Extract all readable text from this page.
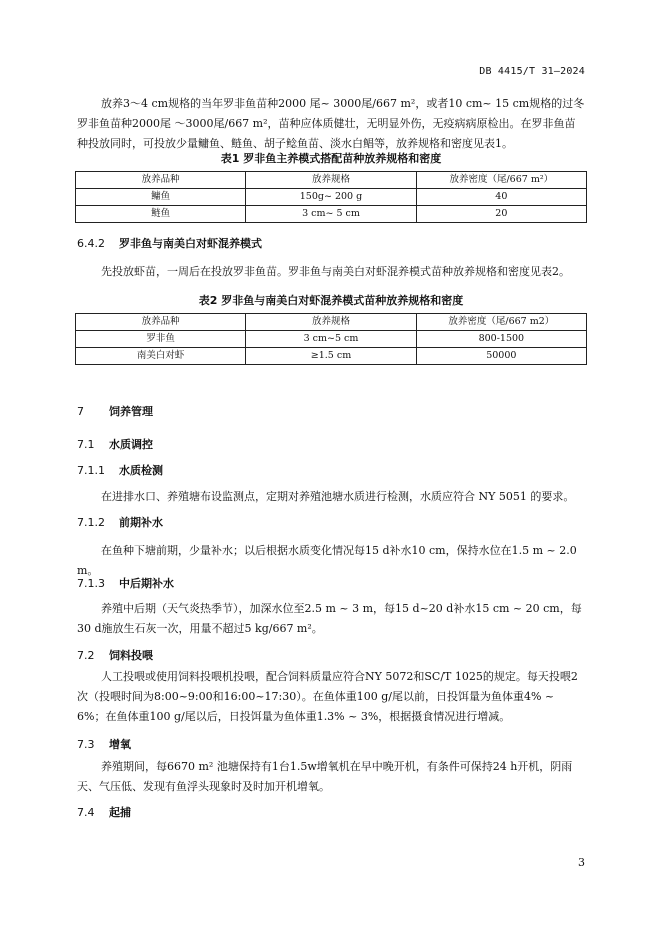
DB 4415/T 31—2024
放养3～4 cm规格的当年罗非鱼苗种2000 尾~ 3000尾/667 m²，或者10 cm~ 15 cm规格的过冬罗非鱼苗种2000尾 ～3000尾/667 m²，苗种应体质健壮，无明显外伤，无疫病病原检出。在罗非鱼苗种投放同时，可投放少量鳙鱼、鲢鱼、胡子鲶鱼苗、淡水白鲳等，放养规格和密度见表1。
表1 罗非鱼主养模式搭配苗种放养规格和密度
放养品种	放养规格	放养密度（尾/667 m²）
鳙鱼	150g~ 200 g	40
鲢鱼	3 cm~ 5 cm	20
6.4.2 罗非鱼与南美白对虾混养模式
先投放虾苗，一周后在投放罗非鱼苗。罗非鱼与南美白对虾混养模式苗种放养规格和密度见表2。
表2 罗非鱼与南美白对虾混养模式苗种放养规格和密度
放养品种	放养规格	放养密度（尾/667 m2）
罗非鱼	3 cm~5 cm	800-1500
南美白对虾	≥1.5 cm	50000
7 饲养管理
7.1 水质调控
7.1.1 水质检测
在进排水口、养殖塘布设监测点，定期对养殖池塘水质进行检测，水质应符合 NY 5051 的要求。
7.1.2 前期补水
在鱼种下塘前期，少量补水；以后根据水质变化情况每15 d补水10 cm，保持水位在1.5 m ~ 2.0 m。
7.1.3 中后期补水
养殖中后期（天气炎热季节），加深水位至2.5 m ~ 3 m，每15 d~20 d补水15 cm ~ 20 cm，每30 d施放生石灰一次，用量不超过5 kg/667 m²。
7.2 饲料投喂
人工投喂或使用饲料投喂机投喂，配合饲料质量应符合NY 5072和SC/T 1025的规定。每天投喂2次（投喂时间为8:00~9:00和16:00~17:30）。在鱼体重100 g/尾以前，日投饵量为鱼体重4% ~ 6%；在鱼体重100 g/尾以后，日投饵量为鱼体重1.3% ~ 3%，根据摄食情况进行增减。
7.3 增氧
养殖期间，每6670 m² 池塘保持有1台1.5w增氧机在早中晚开机，有条件可保持24 h开机，阴雨天、气压低、发现有鱼浮头现象时及时加开机增氧。
7.4 起捕
3
